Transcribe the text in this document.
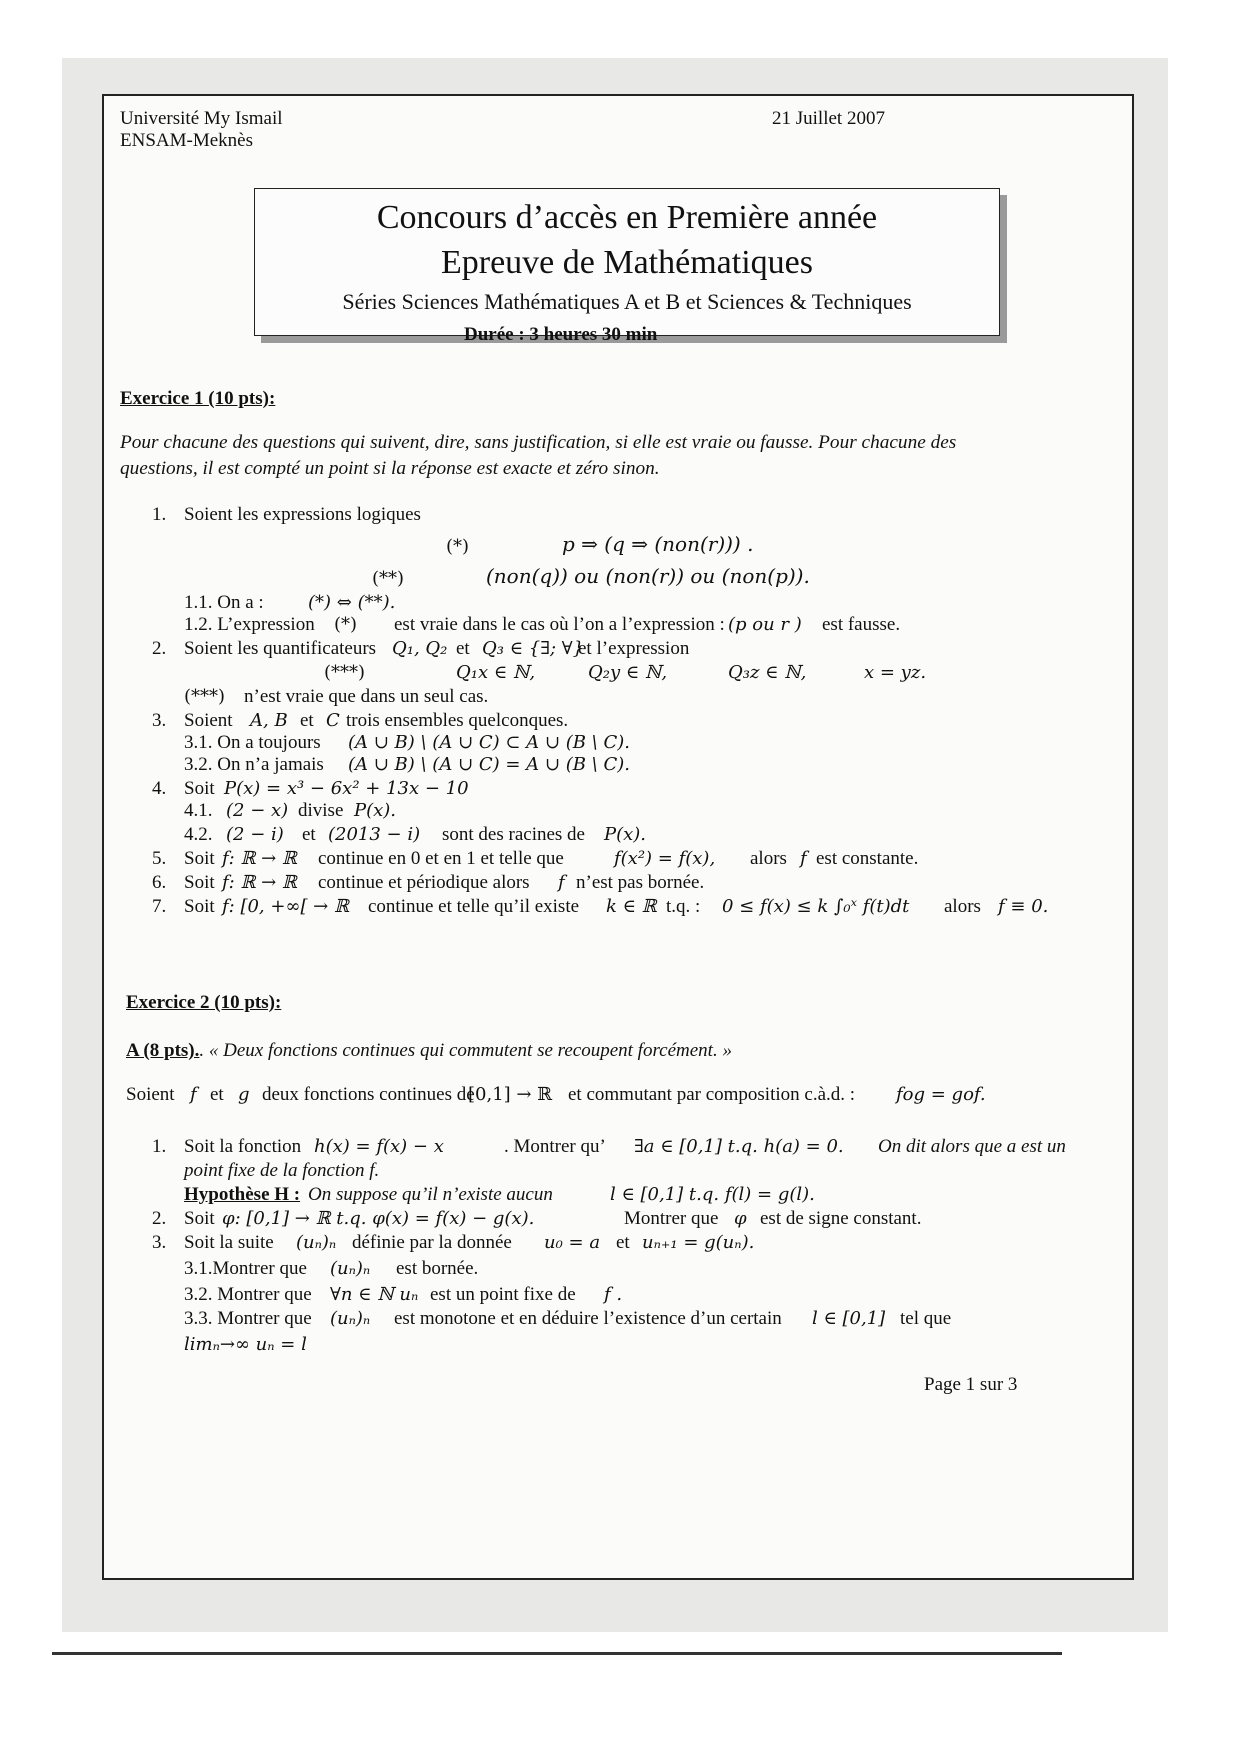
Université My Ismail
ENSAM-Meknès
21 Juillet 2007
Concours d’accès en Première année
Epreuve de Mathématiques
Séries Sciences Mathématiques A et B et Sciences & Techniques
Durée : 3 heures 30 min
Exercice 1 (10 pts):
Pour chacune des questions qui suivent, dire, sans justification, si elle est vraie ou fausse. Pour chacune des
questions, il est compté un point si la réponse est exacte et zéro sinon.
1. Soient les expressions logiques
(*)	p ⇒ (q ⇒ (non(r))) .
(**)	(non(q)) ou (non(r)) ou (non(p)).
1.1. On a : (*) ⇔ (**).
1.2. L’expression (*) est vraie dans le cas où l’on a l’expression : (p ou r ) est fausse.
2. Soient les quantificateurs Q₁, Q₂ et Q₃ ∈ {∃; ∀}
et l’expression
(***)	Q₁x ∈ ℕ,	Q₂y ∈ ℕ,	Q₃z ∈ ℕ,	x = yz.
(***) n’est vraie que dans un seul cas.
3. Soient A, B et C trois ensembles quelconques.
3.1. On a toujours (A ∪ B) \ (A ∪ C) ⊂ A ∪ (B \ C).
3.2. On n’a jamais (A ∪ B) \ (A ∪ C) = A ∪ (B \ C).
4. Soit P(x) = x³ − 6x² + 13x − 10
4.1. (2 − x) divise P(x).
4.2. (2 − i) et (2013 − i) sont des racines de P(x).
5. Soit f: ℝ → ℝ continue en 0 et en 1 et telle que	f(x²) = f(x), alors f est constante.
6. Soit f: ℝ → ℝ continue et périodique alors f n’est pas bornée.
7. Soit f: [0, +∞[ → ℝ continue et telle qu’il existe k ∈ ℝ t.q. : 0 ≤ f(x) ≤ k ∫₀ˣ f(t)dt alors f ≡ 0.
Exercice 2 (10 pts):
A (8 pts).. « Deux fonctions continues qui commutent se recoupent forcément. »
Soient f et g deux fonctions continues de
[0,1] → ℝ et commutant par composition c.à.d. : fog = gof.
1. Soit la fonction h(x) = f(x) − x	. Montrer qu’ ∃a ∈ [0,1] t.q. h(a) = 0. On dit alors que a est un
point fixe de la fonction f.
Hypothèse H : On suppose qu’il n’existe aucun	l ∈ [0,1] t.q. f(l) = g(l).
2. Soit φ: [0,1] → ℝ t.q. φ(x) = f(x) − g(x).	Montrer que φ est de signe constant.
3. Soit la suite (uₙ)ₙ définie par la donnée u₀ = a et uₙ₊₁ = g(uₙ).
3.1.Montrer que (uₙ)ₙ est bornée.
3.2. Montrer que ∀n ∈ ℕ uₙ est un point fixe de f .
3.3. Montrer que (uₙ)ₙ est monotone et en déduire l’existence d’un certain l ∈ [0,1] tel que
limₙ→∞ uₙ = l
Page 1 sur 3
